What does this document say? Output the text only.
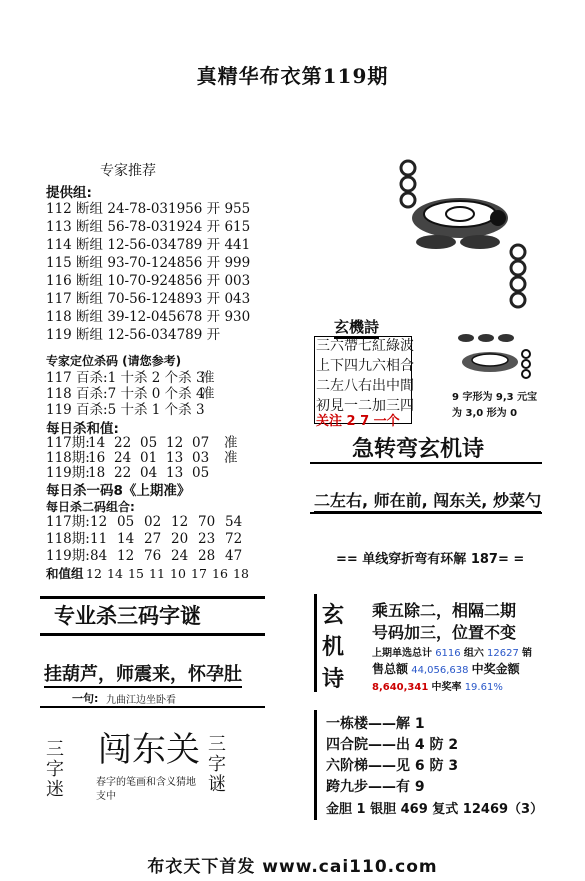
真精华布衣第119期
专家推荐
提供组:
112 断组 24-78-031956 开 955
113 断组 56-78-031924 开 615
114 断组 12-56-034789 开 441
115 断组 93-70-124856 开 999
116 断组 10-70-924856 开 003
117 断组 70-56-124893 开 043
118 断组 39-12-045678 开 930
119 断组 12-56-034789 开
专家定位杀码 (请您参考)
117 百杀:1 十杀 2 个杀 3准
118 百杀:7 十杀 0 个杀 4准
119 百杀:5 十杀 1 个杀 3
每日杀和值:
117期:14 22 05 12 07 准
118期:16 24 01 13 03 准
119期:18 22 04 13 05
每日杀一码8《上期准》
每日杀二码组合:
117期:12 05 02 12 70 54
118期:11 14 27 20 23 72
119期:84 12 76 24 28 47
和值组 12 14 15 11 10 17 16 18
专业杀三码字谜
挂葫芦，师震来，怀孕肚
一句: 九曲江边坐卧看
三字迷
闯东关 三字谜
春字的笔画和含义猜地支中
玄機詩
三六帶七紅綠波
上下四九六相合
二左八右出中間
初見一二加三四
关注 2 7 一个
9 字形为 9,3 元宝
为 3,0 形为 0
急转弯玄机诗
二左右, 师在前, 闯东关, 炒菜勺
== 单线穿折弯有环解 187= =
玄
机
诗
乘五除二，相隔二期
号码加三，位置不变
上期单选总计 6116 组六 12627 销
售总额 44,056,638 中奖金额
8,640,341 中奖率 19.61%
一栋楼——解 1
四合院——出 4 防 2
六阶梯——见 6 防 3
跨九步——有 9
金胆 1 银胆 469 复式 12469（3）
布衣天下首发 www.cai110.com
